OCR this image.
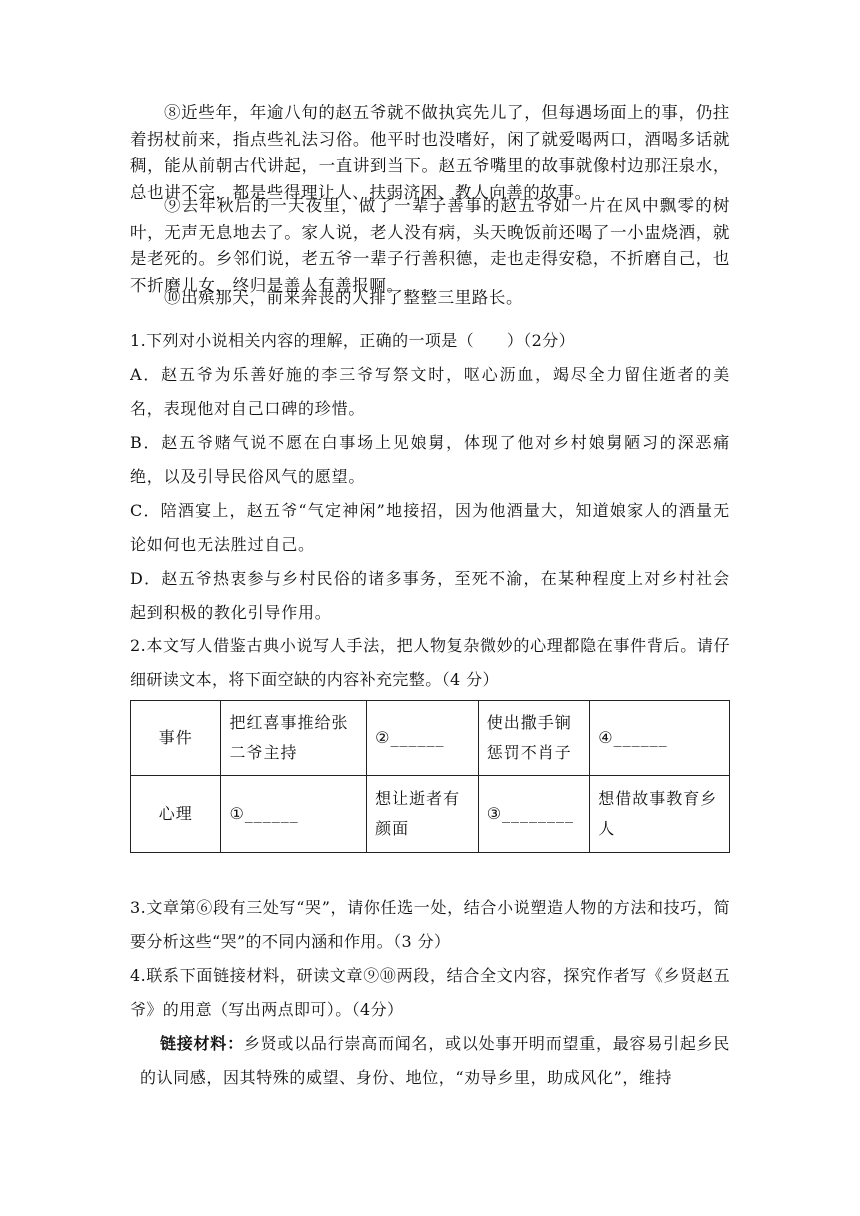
⑧近些年，年逾八旬的赵五爷就不做执宾先儿了，但每遇场面上的事，仍拄着拐杖前来，指点些礼法习俗。他平时也没嗜好，闲了就爱喝两口，酒喝多话就稠，能从前朝古代讲起，一直讲到当下。赵五爷嘴里的故事就像村边那汪泉水，总也讲不完，都是些得理让人、扶弱济困、教人向善的故事。
⑨去年秋后的一天夜里，做了一辈子善事的赵五爷如一片在风中飘零的树叶，无声无息地去了。家人说，老人没有病，头天晚饭前还喝了一小盅烧酒，就是老死的。乡邻们说，老五爷一辈子行善积德，走也走得安稳，不折磨自己，也不折磨儿女，终归是善人有善报啊。
⑩出殡那天，前来奔丧的人排了整整三里路长。
1.下列对小说相关内容的理解，正确的一项是（　　）（2分）
A．赵五爷为乐善好施的李三爷写祭文时，呕心沥血，竭尽全力留住逝者的美名，表现他对自己口碑的珍惜。
B．赵五爷赌气说不愿在白事场上见娘舅，体现了他对乡村娘舅陋习的深恶痛绝，以及引导民俗风气的愿望。
C．陪酒宴上，赵五爷“气定神闲”地接招，因为他酒量大，知道娘家人的酒量无论如何也无法胜过自己。
D．赵五爷热衷参与乡村民俗的诸多事务，至死不渝，在某种程度上对乡村社会起到积极的教化引导作用。
2.本文写人借鉴古典小说写人手法，把人物复杂微妙的心理都隐在事件背后。请仔细研读文本，将下面空缺的内容补充完整。（4 分）
事件	把红喜事推给张二爷主持	②______	使出撒手锏惩罚不肖子	④______
心理	①______	想让逝者有颜面	③________	想借故事教育乡人
3.文章第⑥段有三处写“哭”，请你任选一处，结合小说塑造人物的方法和技巧，简要分析这些“哭”的不同内涵和作用。（3 分）
4.联系下面链接材料，研读文章⑨⑩两段，结合全文内容，探究作者写《乡贤赵五爷》的用意（写出两点即可）。（4分）
链接材料：乡贤或以品行崇高而闻名，或以处事开明而望重，最容易引起乡民的认同感，因其特殊的威望、身份、地位，“劝导乡里，助成风化”，维持
